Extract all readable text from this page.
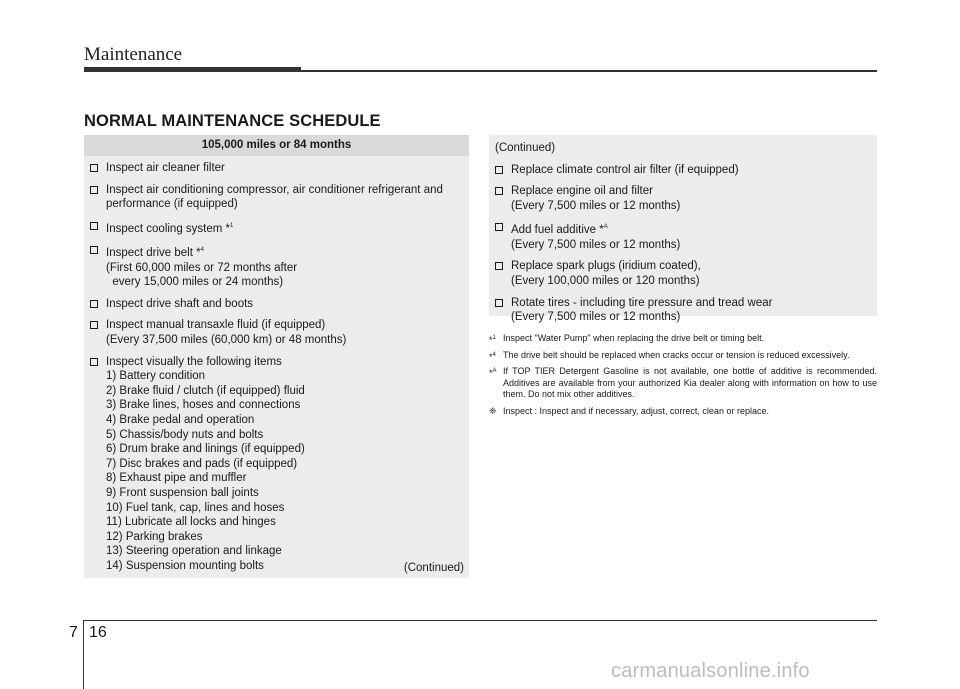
Maintenance
NORMAL MAINTENANCE SCHEDULE
105,000 miles or 84 months
Inspect air cleaner filter
Inspect air conditioning compressor, air conditioner refrigerant and
performance (if equipped)
Inspect cooling system *$^1$
Inspect drive belt *$^4$
(First 60,000 miles or 72 months after
every 15,000 miles or 24 months)
Inspect drive shaft and boots
Inspect manual transaxle fluid (if equipped)
(Every 37,500 miles (60,000 km) or 48 months)
Inspect visually the following items
1) Battery condition
2) Brake fluid / clutch (if equipped) fluid
3) Brake lines, hoses and connections
4) Brake pedal and operation
5) Chassis/body nuts and bolts
6) Drum brake and linings (if equipped)
7) Disc brakes and pads (if equipped)
8) Exhaust pipe and muffler
9) Front suspension ball joints
10) Fuel tank, cap, lines and hoses
11) Lubricate all locks and hinges
12) Parking brakes
13) Steering operation and linkage
14) Suspension mounting bolts	(Continued)
(Continued)
Replace climate control air filter (if equipped)
Replace engine oil and filter
(Every 7,500 miles or 12 months)
Add fuel additive *$^A$
(Every 7,500 miles or 12 months)
Replace spark plugs (iridium coated),
(Every 100,000 miles or 120 months)
Rotate tires - including tire pressure and tread wear
(Every 7,500 miles or 12 months)
*$^1$ Inspect "Water Pump" when replacing the drive belt or timing belt.
*$^4$ The drive belt should be replaced when cracks occur or tension is reduced excessively.
*$^A$ If TOP TIER Detergent Gasoline is not available, one bottle of additive is recommended. Additives are available from your authorized Kia dealer along with information on how to use them. Do not mix other additives.
❈ Inspect : Inspect and if necessary, adjust, correct, clean or replace.
7 16
carmanualsonline.info
